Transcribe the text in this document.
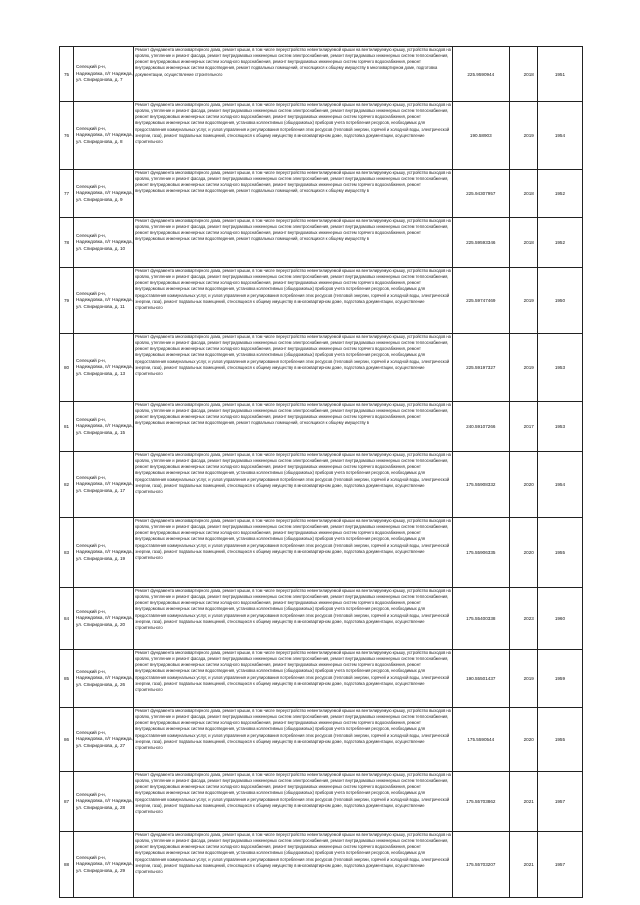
75	Селецкий р-н, Надеждовка, п/т Надежда, ул. Спиридонова, д. 7	Ремонт фундамента многоквартирного дома, ремонт крыши, в том числе переустройство невентилируемой крыши на вентилируемую крышу, устройство выходов на кровлю, утепление и ремонт фасада, ремонт внутридомовых инженерных систем электроснабжения, ремонт внутридомовых инженерных систем теплоснабжения, ремонт внутридомовых инженерных систем холодного водоснабжения, ремонт внутридомовых инженерных систем горячего водоснабжения, ремонт внутридомовых инженерных систем водоотведения, ремонт подвальных помещений, относящихся к общему имуществу в многоквартирном доме, подготовка документации, осуществление строительного	225.9590944	2018	1951
76	Селецкий р-н, Надеждовка, п/т Надежда, ул. Спиридонова, д. 8	Ремонт фундамента многоквартирного дома, ремонт крыши, в том числе переустройство невентилируемой крыши на вентилируемую крышу, устройство выходов на кровлю, утепление и ремонт фасада, ремонт внутридомовых инженерных систем электроснабжения, ремонт внутридомовых инженерных систем теплоснабжения, ремонт внутридомовых инженерных систем холодного водоснабжения, ремонт внутридомовых инженерных систем горячего водоснабжения, ремонт внутридомовых инженерных систем водоотведения, установка коллективных (общедомовых) приборов учета потребления ресурсов, необходимых для предоставления коммунальных услуг, и узлов управления и регулирования потребления этих ресурсов (тепловой энергии, горячей и холодной воды, электрической энергии, газа), ремонт подвальных помещений, относящихся к общему имуществу в многоквартирном доме, подготовка документации, осуществление строительного	190.58903	2019	1954
77	Селецкий р-н, Надеждовка, п/т Надежда, ул. Спиридонова, д. 9	Ремонт фундамента многоквартирного дома, ремонт крыши, в том числе переустройство невентилируемой крыши на вентилируемую крышу, устройство выходов на кровлю, утепление и ремонт фасада, ремонт внутридомовых инженерных систем электроснабжения, ремонт внутридомовых инженерных систем теплоснабжения, ремонт внутридомовых инженерных систем холодного водоснабжения, ремонт внутридомовых инженерных систем горячего водоснабжения, ремонт внутридомовых инженерных систем водоотведения, ремонт подвальных помещений, относящихся к общему имуществу в	225.94307957	2018	1952
78	Селецкий р-н, Надеждовка, п/т Надежда, ул. Спиридонова, д. 10	Ремонт фундамента многоквартирного дома, ремонт крыши, в том числе переустройство невентилируемой крыши на вентилируемую крышу, устройство выходов на кровлю, утепление и ремонт фасада, ремонт внутридомовых инженерных систем электроснабжения, ремонт внутридомовых инженерных систем теплоснабжения, ремонт внутридомовых инженерных систем холодного водоснабжения, ремонт внутридомовых инженерных систем горячего водоснабжения, ремонт внутридомовых инженерных систем водоотведения, ремонт подвальных помещений, относящихся к общему имуществу в	225.59593346	2018	1952
79	Селецкий р-н, Надеждовка, п/т Надежда, ул. Спиридонова, д. 11	Ремонт фундамента многоквартирного дома, ремонт крыши, в том числе переустройство невентилируемой крыши на вентилируемую крышу, устройство выходов на кровлю, утепление и ремонт фасада, ремонт внутридомовых инженерных систем электроснабжения, ремонт внутридомовых инженерных систем теплоснабжения, ремонт внутридомовых инженерных систем холодного водоснабжения, ремонт внутридомовых инженерных систем горячего водоснабжения, ремонт внутридомовых инженерных систем водоотведения, установка коллективных (общедомовых) приборов учета потребления ресурсов, необходимых для предоставления коммунальных услуг, и узлов управления и регулирования потребления этих ресурсов (тепловой энергии, горячей и холодной воды, электрической энергии, газа), ремонт подвальных помещений, относящихся к общему имуществу в многоквартирном доме, подготовка документации, осуществление строительного	225.59747469	2019	1950
80	Селецкий р-н, Надеждовка, п/т Надежда, ул. Спиридонова, д. 13	Ремонт фундамента многоквартирного дома, ремонт крыши, в том числе переустройство невентилируемой крыши на вентилируемую крышу, устройство выходов на кровлю, утепление и ремонт фасада, ремонт внутридомовых инженерных систем электроснабжения, ремонт внутридомовых инженерных систем теплоснабжения, ремонт внутридомовых инженерных систем холодного водоснабжения, ремонт внутридомовых инженерных систем горячего водоснабжения, ремонт внутридомовых инженерных систем водоотведения, установка коллективных (общедомовых) приборов учета потребления ресурсов, необходимых для предоставления коммунальных услуг, и узлов управления и регулирования потребления этих ресурсов (тепловой энергии, горячей и холодной воды, электрической энергии, газа), ремонт подвальных помещений, относящихся к общему имуществу в многоквартирном доме, подготовка документации, осуществление строительного	225.59197327	2019	1953
81	Селецкий р-н, Надеждовка, п/т Надежда, ул. Спиридонова, д. 15	Ремонт фундамента многоквартирного дома, ремонт крыши, в том числе переустройство невентилируемой крыши на вентилируемую крышу, устройство выходов на кровлю, утепление и ремонт фасада, ремонт внутридомовых инженерных систем электроснабжения, ремонт внутридомовых инженерных систем теплоснабжения, ремонт внутридомовых инженерных систем холодного водоснабжения, ремонт внутридомовых инженерных систем горячего водоснабжения, ремонт внутридомовых инженерных систем водоотведения, ремонт подвальных помещений, относящихся к общему имуществу в	240.59107266	2017	1953
82	Селецкий р-н, Надеждовка, п/т Надежда, ул. Спиридонова, д. 17	Ремонт фундамента многоквартирного дома, ремонт крыши, в том числе переустройство невентилируемой крыши на вентилируемую крышу, устройство выходов на кровлю, утепление и ремонт фасада, ремонт внутридомовых инженерных систем электроснабжения, ремонт внутридомовых инженерных систем теплоснабжения, ремонт внутридомовых инженерных систем холодного водоснабжения, ремонт внутридомовых инженерных систем горячего водоснабжения, ремонт внутридомовых инженерных систем водоотведения, установка коллективных (общедомовых) приборов учета потребления ресурсов, необходимых для предоставления коммунальных услуг, и узлов управления и регулирования потребления этих ресурсов (тепловой энергии, горячей и холодной воды, электрической энергии, газа), ремонт подвальных помещений, относящихся к общему имуществу в многоквартирном доме, подготовка документации, осуществление строительного	175.55908332	2020	1954
83	Селецкий р-н, Надеждовка, п/т Надежда, ул. Спиридонова, д. 19	Ремонт фундамента многоквартирного дома, ремонт крыши, в том числе переустройство невентилируемой крыши на вентилируемую крышу, устройство выходов на кровлю, утепление и ремонт фасада, ремонт внутридомовых инженерных систем электроснабжения, ремонт внутридомовых инженерных систем теплоснабжения, ремонт внутридомовых инженерных систем холодного водоснабжения, ремонт внутридомовых инженерных систем горячего водоснабжения, ремонт внутридомовых инженерных систем водоотведения, установка коллективных (общедомовых) приборов учета потребления ресурсов, необходимых для предоставления коммунальных услуг, и узлов управления и регулирования потребления этих ресурсов (тепловой энергии, горячей и холодной воды, электрической энергии, газа), ремонт подвальных помещений, относящихся к общему имуществу в многоквартирном доме, подготовка документации, осуществление строительного	175.55906335	2020	1955
84	Селецкий р-н, Надеждовка, п/т Надежда, ул. Спиридонова, д. 20	Ремонт фундамента многоквартирного дома, ремонт крыши, в том числе переустройство невентилируемой крыши на вентилируемую крышу, устройство выходов на кровлю, утепление и ремонт фасада, ремонт внутридомовых инженерных систем электроснабжения, ремонт внутридомовых инженерных систем теплоснабжения, ремонт внутридомовых инженерных систем холодного водоснабжения, ремонт внутридомовых инженерных систем горячего водоснабжения, ремонт внутридомовых инженерных систем водоотведения, установка коллективных (общедомовых) приборов учета потребления ресурсов, необходимых для предоставления коммунальных услуг, и узлов управления и регулирования потребления этих ресурсов (тепловой энергии, горячей и холодной воды, электрической энергии, газа), ремонт подвальных помещений, относящихся к общему имуществу в многоквартирном доме, подготовка документации, осуществление строительного	175.55400338	2023	1960
85	Селецкий р-н, Надеждовка, п/т Надежда, ул. Спиридонова, д. 26	Ремонт фундамента многоквартирного дома, ремонт крыши, в том числе переустройство невентилируемой крыши на вентилируемую крышу, устройство выходов на кровлю, утепление и ремонт фасада, ремонт внутридомовых инженерных систем электроснабжения, ремонт внутридомовых инженерных систем теплоснабжения, ремонт внутридомовых инженерных систем холодного водоснабжения, ремонт внутридомовых инженерных систем горячего водоснабжения, ремонт внутридомовых инженерных систем водоотведения, установка коллективных (общедомовых) приборов учета потребления ресурсов, необходимых для предоставления коммунальных услуг, и узлов управления и регулирования потребления этих ресурсов (тепловой энергии, горячей и холодной воды, электрической энергии, газа), ремонт подвальных помещений, относящихся к общему имуществу в многоквартирном доме, подготовка документации, осуществление строительного	190.55501437	2019	1959
86	Селецкий р-н, Надеждовка, п/т Надежда, ул. Спиридонова, д. 27	Ремонт фундамента многоквартирного дома, ремонт крыши, в том числе переустройство невентилируемой крыши на вентилируемую крышу, устройство выходов на кровлю, утепление и ремонт фасада, ремонт внутридомовых инженерных систем электроснабжения, ремонт внутридомовых инженерных систем теплоснабжения, ремонт внутридомовых инженерных систем холодного водоснабжения, ремонт внутридомовых инженерных систем горячего водоснабжения, ремонт внутридомовых инженерных систем водоотведения, установка коллективных (общедомовых) приборов учета потребления ресурсов, необходимых для предоставления коммунальных услуг, и узлов управления и регулирования потребления этих ресурсов (тепловой энергии, горячей и холодной воды, электрической энергии, газа), ремонт подвальных помещений, относящихся к общему имуществу в многоквартирном доме, подготовка документации, осуществление строительного	175.5590544	2020	1955
87	Селецкий р-н, Надеждовка, п/т Надежда, ул. Спиридонова, д. 28	Ремонт фундамента многоквартирного дома, ремонт крыши, в том числе переустройство невентилируемой крыши на вентилируемую крышу, устройство выходов на кровлю, утепление и ремонт фасада, ремонт внутридомовых инженерных систем электроснабжения, ремонт внутридомовых инженерных систем теплоснабжения, ремонт внутридомовых инженерных систем холодного водоснабжения, ремонт внутридомовых инженерных систем горячего водоснабжения, ремонт внутридомовых инженерных систем водоотведения, установка коллективных (общедомовых) приборов учета потребления ресурсов, необходимых для предоставления коммунальных услуг, и узлов управления и регулирования потребления этих ресурсов (тепловой энергии, горячей и холодной воды, электрической энергии, газа), ремонт подвальных помещений, относящихся к общему имуществу в многоквартирном доме, подготовка документации, осуществление строительного	175.55703862	2021	1957
88	Селецкий р-н, Надеждовка, п/т Надежда, ул. Спиридонова, д. 29	Ремонт фундамента многоквартирного дома, ремонт крыши, в том числе переустройство невентилируемой крыши на вентилируемую крышу, устройство выходов на кровлю, утепление и ремонт фасада, ремонт внутридомовых инженерных систем электроснабжения, ремонт внутридомовых инженерных систем теплоснабжения, ремонт внутридомовых инженерных систем холодного водоснабжения, ремонт внутридомовых инженерных систем горячего водоснабжения, ремонт внутридомовых инженерных систем водоотведения, установка коллективных (общедомовых) приборов учета потребления ресурсов, необходимых для предоставления коммунальных услуг, и узлов управления и регулирования потребления этих ресурсов (тепловой энергии, горячей и холодной воды, электрической энергии, газа), ремонт подвальных помещений, относящихся к общему имуществу в многоквартирном доме, подготовка документации, осуществление строительного	175.55703207	2021	1957
